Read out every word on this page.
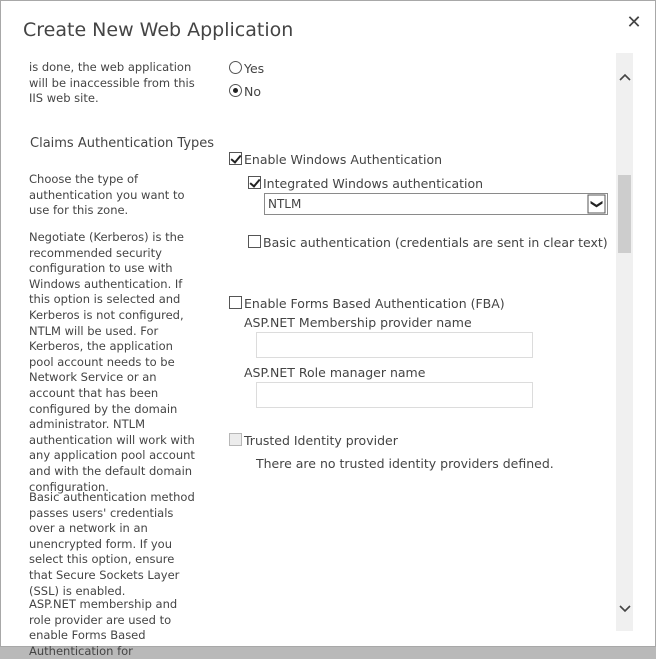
Create New Web Application	✕
is done, the web application will be inaccessible from this IIS web site.
Claims Authentication Types
Choose the type of authentication you want to use for this zone.
Negotiate (Kerberos) is the recommended security configuration to use with Windows authentication. If this option is selected and Kerberos is not configured, NTLM will be used. For Kerberos, the application pool account needs to be Network Service or an account that has been configured by the domain administrator. NTLM authentication will work with any application pool account and with the default domain configuration.
Basic authentication method passes users' credentials over a network in an unencrypted form. If you select this option, ensure that Secure Sockets Layer (SSL) is enabled.
ASP.NET membership and role provider are used to enable Forms Based Authentication for
Yes
No
Enable Windows Authentication
Integrated Windows authentication
NTLM	❯
Basic authentication (credentials are sent in clear text)
Enable Forms Based Authentication (FBA)
ASP.NET Membership provider name
ASP.NET Role manager name
Trusted Identity provider
There are no trusted identity providers defined.
